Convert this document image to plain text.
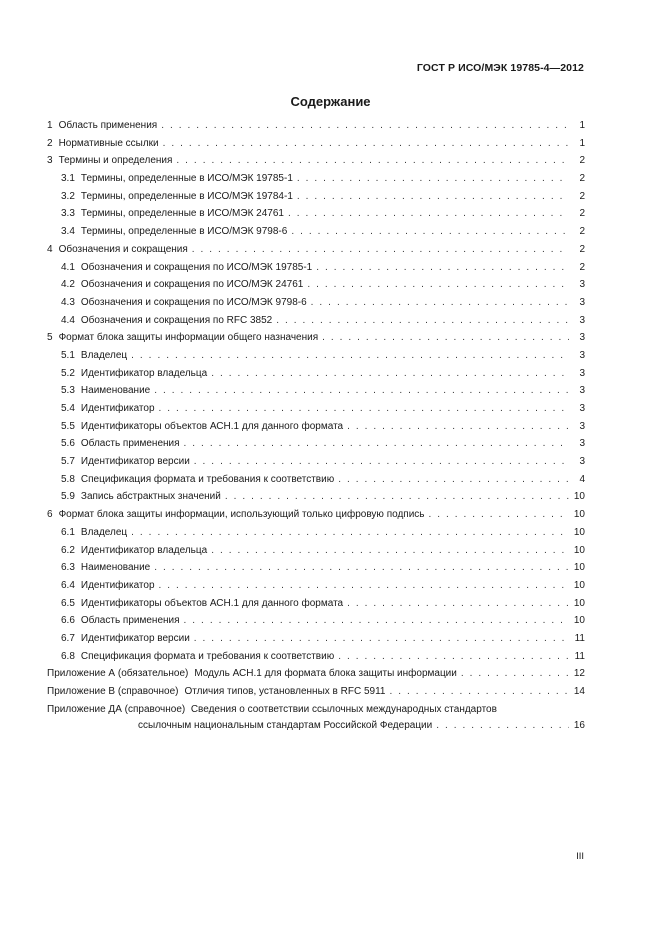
ГОСТ Р ИСО/МЭК 19785-4—2012
Содержание
1 Область применения . . .	1
2 Нормативные ссылки . . .	1
3 Термины и определения . . .	2
3.1 Термины, определенные в ИСО/МЭК 19785-1 . . .	2
3.2 Термины, определенные в ИСО/МЭК 19784-1 . . .	2
3.3 Термины, определенные в ИСО/МЭК 24761 . . .	2
3.4 Термины, определенные в ИСО/МЭК 9798-6 . . .	2
4 Обозначения и сокращения . . .	2
4.1 Обозначения и сокращения по ИСО/МЭК 19785-1 . . .	2
4.2 Обозначения и сокращения по ИСО/МЭК 24761 . . .	3
4.3 Обозначения и сокращения по ИСО/МЭК 9798-6 . . .	3
4.4 Обозначения и сокращения по RFC 3852 . . .	3
5 Формат блока защиты информации общего назначения . . .	3
5.1 Владелец . . .	3
5.2 Идентификатор владельца . . .	3
5.3 Наименование . . .	3
5.4 Идентификатор . . .	3
5.5 Идентификаторы объектов АСН.1 для данного формата . . .	3
5.6 Область применения . . .	3
5.7 Идентификатор версии . . .	3
5.8 Спецификация формата и требования к соответствию . . .	4
5.9 Запись абстрактных значений . . .	10
6 Формат блока защиты информации, использующий только цифровую подпись . . .	10
6.1 Владелец . . .	10
6.2 Идентификатор владельца . . .	10
6.3 Наименование . . .	10
6.4 Идентификатор . . .	10
6.5 Идентификаторы объектов АСН.1 для данного формата . . .	10
6.6 Область применения . . .	10
6.7 Идентификатор версии . . .	11
6.8 Спецификация формата и требования к соответствию . . .	11
Приложение А (обязательное) Модуль АСН.1 для формата блока защиты информации . . .	12
Приложение В (справочное) Отличия типов, установленных в RFC 5911 . . .	14
Приложение ДА (справочное) Сведения о соответствии ссылочных международных стандартов
ссылочным национальным стандартам Российской Федерации . . .	16
III
